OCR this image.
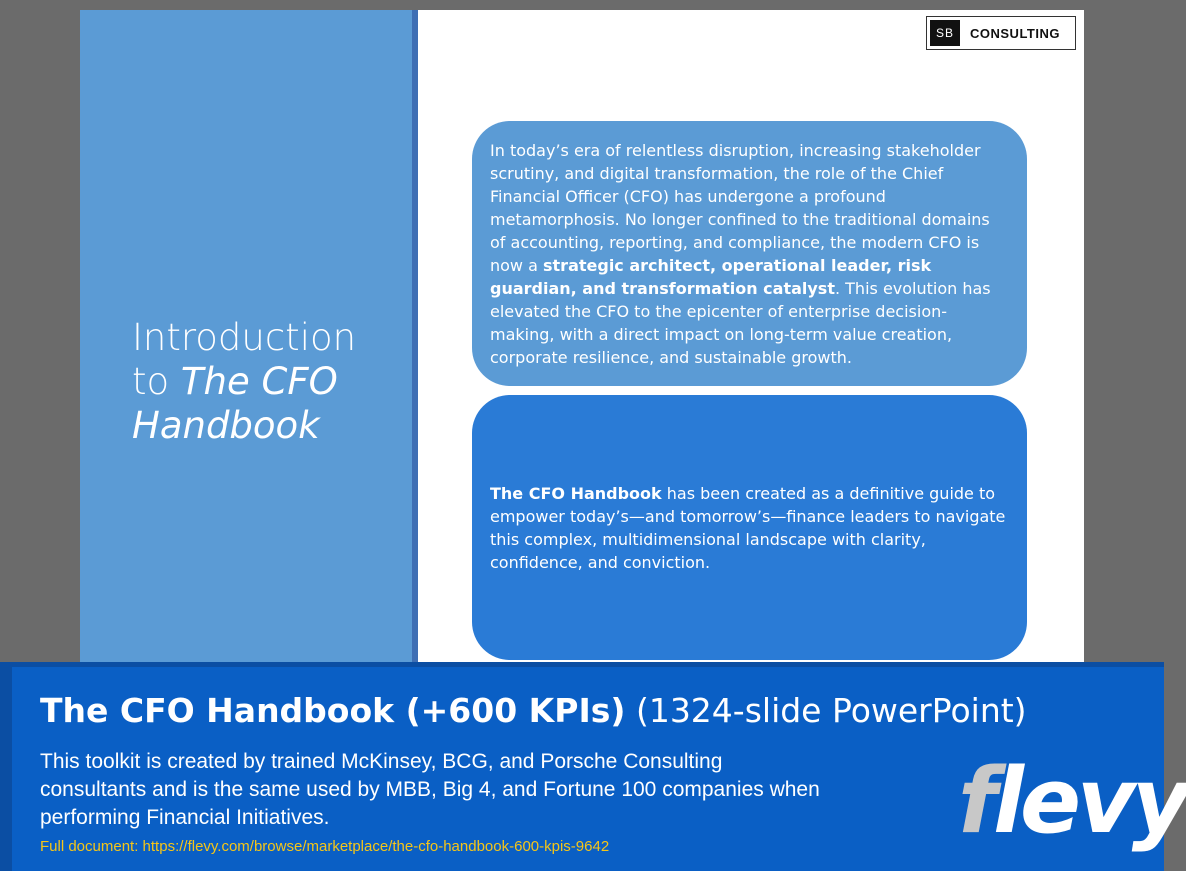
Introduction
to The CFO Handbook
SB	CONSULTING
In today’s era of relentless disruption, increasing stakeholder scrutiny, and digital transformation, the role of the Chief Financial Officer (CFO) has undergone a profound metamorphosis. No longer confined to the traditional domains of accounting, reporting, and compliance, the modern CFO is now a strategic architect, operational leader, risk guardian, and transformation catalyst. This evolution has elevated the CFO to the epicenter of enterprise decision-making, with a direct impact on long-term value creation, corporate resilience, and sustainable growth.
The CFO Handbook has been created as a definitive guide to empower today’s—and tomorrow’s—finance leaders to navigate this complex, multidimensional landscape with clarity, confidence, and conviction.
The CFO Handbook (+600 KPIs) (1324-slide PowerPoint)
This toolkit is created by trained McKinsey, BCG, and Porsche Consulting consultants and is the same used by MBB, Big 4, and Fortune 100 companies when performing Financial Initiatives.
Full document: https://flevy.com/browse/marketplace/the-cfo-handbook-600-kpis-9642	flevy
